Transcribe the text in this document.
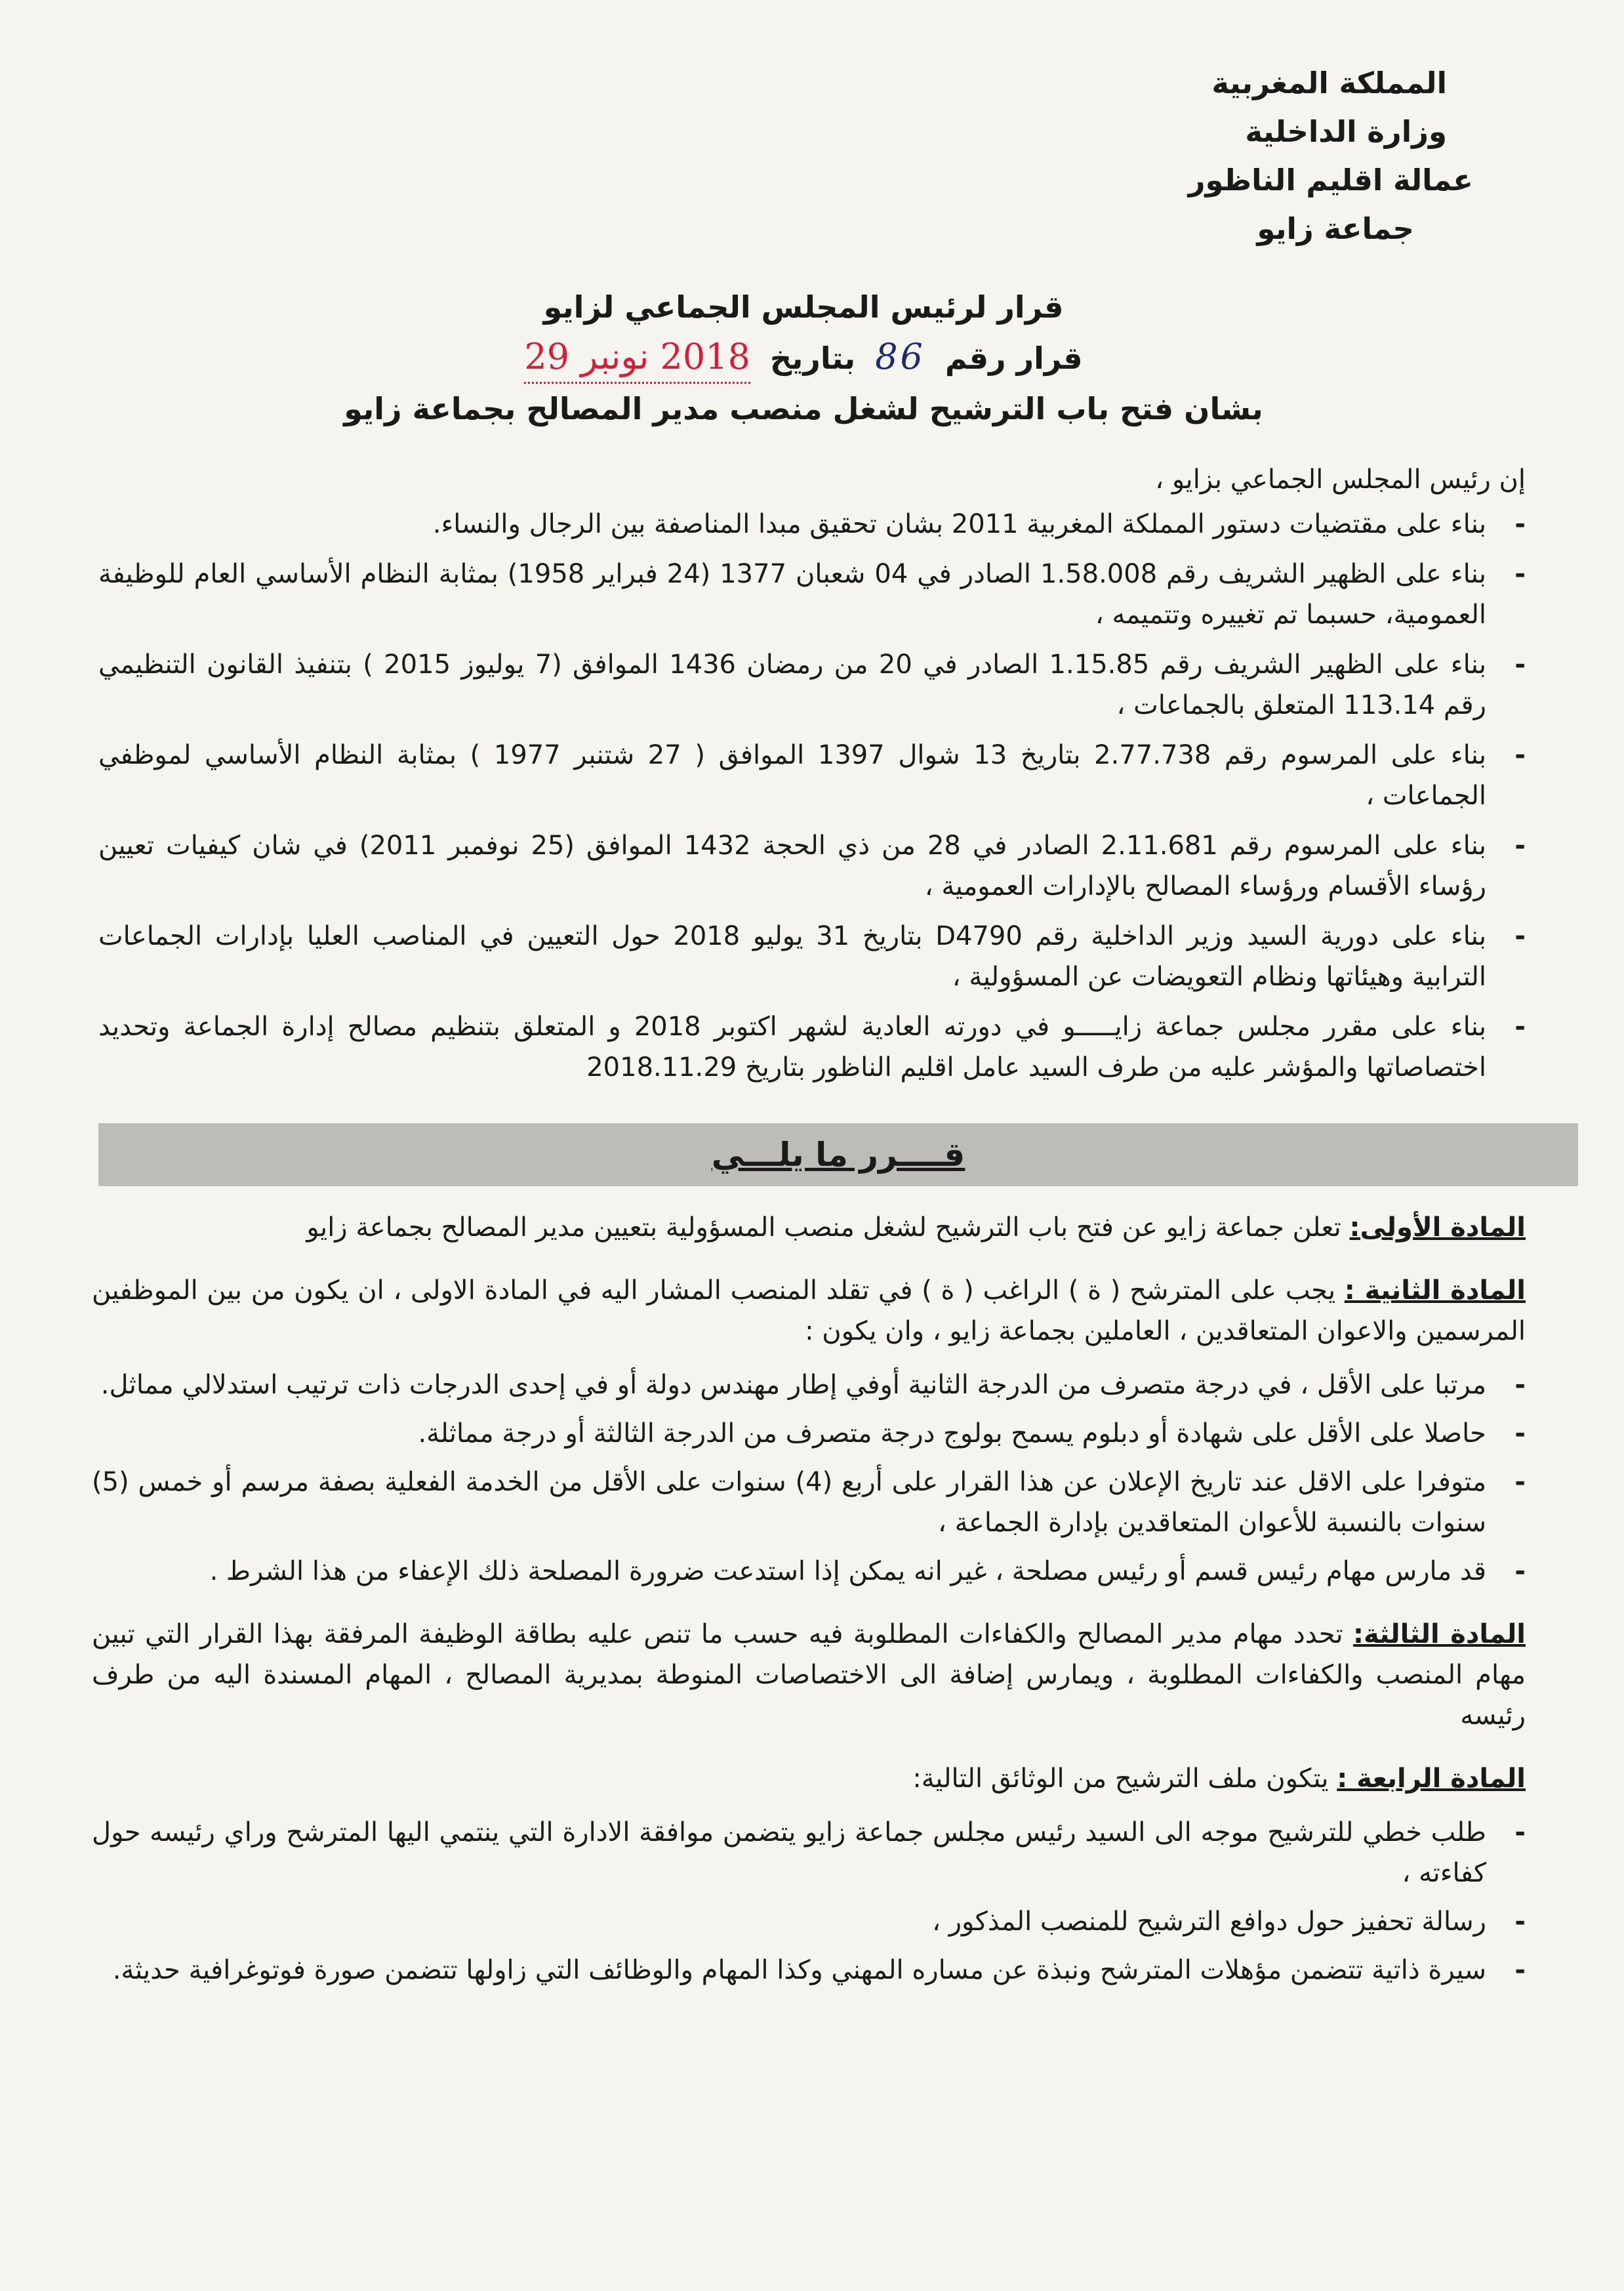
المملكة المغربية
وزارة الداخلية
عمالة اقليم الناظور
جماعة زايو
قرار لرئيس المجلس الجماعي لزايو
قرار رقم
86
بتاريخ
2018 نونبر 29
بشان فتح باب الترشيح لشغل منصب مدير المصالح بجماعة زايو
إن رئيس المجلس الجماعي بزايو ،
- بناء على مقتضيات دستور المملكة المغربية 2011 بشان تحقيق مبدا المناصفة بين الرجال والنساء.
- بناء على الظهير الشريف رقم 1.58.008 الصادر في 04 شعبان 1377 (24 فبراير 1958) بمثابة النظام الأساسي العام للوظيفة العمومية، حسبما تم تغييره وتتميمه ،
- بناء على الظهير الشريف رقم 1.15.85 الصادر في 20 من رمضان 1436 الموافق (7 يوليوز 2015 ) بتنفيذ القانون التنظيمي رقم 113.14 المتعلق بالجماعات ،
- بناء على المرسوم رقم 2.77.738 بتاريخ 13 شوال 1397 الموافق ( 27 شتنبر 1977 ) بمثابة النظام الأساسي لموظفي الجماعات ،
- بناء على المرسوم رقم 2.11.681 الصادر في 28 من ذي الحجة 1432 الموافق (25 نوفمبر 2011) في شان كيفيات تعيين رؤساء الأقسام ورؤساء المصالح بالإدارات العمومية ،
- بناء على دورية السيد وزير الداخلية رقم D4790 بتاريخ 31 يوليو 2018 حول التعيين في المناصب العليا بإدارات الجماعات الترابية وهيئاتها ونظام التعويضات عن المسؤولية ،
- بناء على مقرر مجلس جماعة زايـــــو في دورته العادية لشهر اكتوبر 2018 و المتعلق بتنظيم مصالح إدارة الجماعة وتحديد اختصاصاتها والمؤشر عليه من طرف السيد عامل اقليم الناظور بتاريخ 2018.11.29
قــــرر ما يلـــي
المادة الأولى: تعلن جماعة زايو عن فتح باب الترشيح لشغل منصب المسؤولية بتعيين مدير المصالح بجماعة زايو
المادة الثانية : يجب على المترشح ( ة ) الراغب ( ة ) في تقلد المنصب المشار اليه في المادة الاولى ، ان يكون من بين الموظفين المرسمين والاعوان المتعاقدين ، العاملين بجماعة زايو ، وان يكون :
- مرتبا على الأقل ، في درجة متصرف من الدرجة الثانية أوفي إطار مهندس دولة أو في إحدى الدرجات ذات ترتيب استدلالي مماثل.
- حاصلا على الأقل على شهادة أو دبلوم يسمح بولوج درجة متصرف من الدرجة الثالثة أو درجة مماثلة.
- متوفرا على الاقل عند تاريخ الإعلان عن هذا القرار على أربع (4) سنوات على الأقل من الخدمة الفعلية بصفة مرسم أو خمس (5) سنوات بالنسبة للأعوان المتعاقدين بإدارة الجماعة ،
- قد مارس مهام رئيس قسم أو رئيس مصلحة ، غير انه يمكن إذا استدعت ضرورة المصلحة ذلك الإعفاء من هذا الشرط .
المادة الثالثة: تحدد مهام مدير المصالح والكفاءات المطلوبة فيه حسب ما تنص عليه بطاقة الوظيفة المرفقة بهذا القرار التي تبين مهام المنصب والكفاءات المطلوبة ، ويمارس إضافة الى الاختصاصات المنوطة بمديرية المصالح ، المهام المسندة اليه من طرف رئيسه
المادة الرابعة : يتكون ملف الترشيح من الوثائق التالية:
- طلب خطي للترشيح موجه الى السيد رئيس مجلس جماعة زايو يتضمن موافقة الادارة التي ينتمي اليها المترشح وراي رئيسه حول كفاءته ،
- رسالة تحفيز حول دوافع الترشيح للمنصب المذكور ،
- سيرة ذاتية تتضمن مؤهلات المترشح ونبذة عن مساره المهني وكذا المهام والوظائف التي زاولها تتضمن صورة فوتوغرافية حديثة.
